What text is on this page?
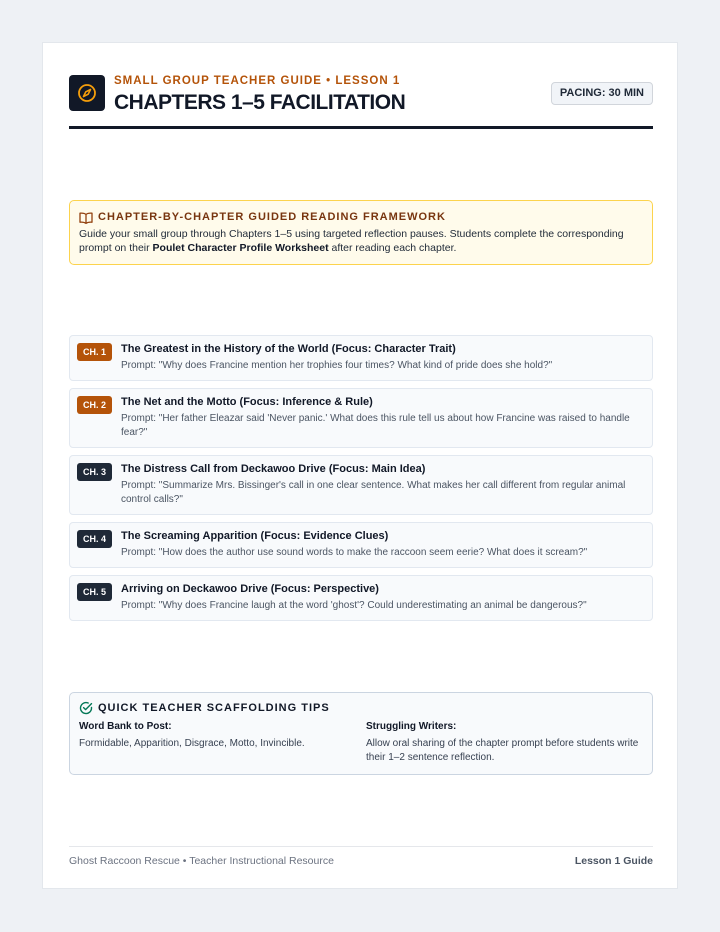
SMALL GROUP TEACHER GUIDE • LESSON 1
CHAPTERS 1–5 FACILITATION	PACING: 30 MIN
CHAPTER-BY-CHAPTER GUIDED READING FRAMEWORK
Guide your small group through Chapters 1–5 using targeted reflection pauses. Students complete the corresponding prompt on their Poulet Character Profile Worksheet after reading each chapter.
CH. 1	The Greatest in the History of the World (Focus: Character Trait)
Prompt: "Why does Francine mention her trophies four times? What kind of pride does she hold?"
CH. 2	The Net and the Motto (Focus: Inference & Rule)
Prompt: "Her father Eleazar said 'Never panic.' What does this rule tell us about how Francine was raised to handle fear?"
CH. 3	The Distress Call from Deckawoo Drive (Focus: Main Idea)
Prompt: "Summarize Mrs. Bissinger's call in one clear sentence. What makes her call different from regular animal control calls?"
CH. 4	The Screaming Apparition (Focus: Evidence Clues)
Prompt: "How does the author use sound words to make the raccoon seem eerie? What does it scream?"
CH. 5	Arriving on Deckawoo Drive (Focus: Perspective)
Prompt: "Why does Francine laugh at the word 'ghost'? Could underestimating an animal be dangerous?"
QUICK TEACHER SCAFFOLDING TIPS
Word Bank to Post:
Formidable, Apparition, Disgrace, Motto, Invincible.
Struggling Writers:
Allow oral sharing of the chapter prompt before students write their 1–2 sentence reflection.
Ghost Raccoon Rescue • Teacher Instructional Resource	Lesson 1 Guide
